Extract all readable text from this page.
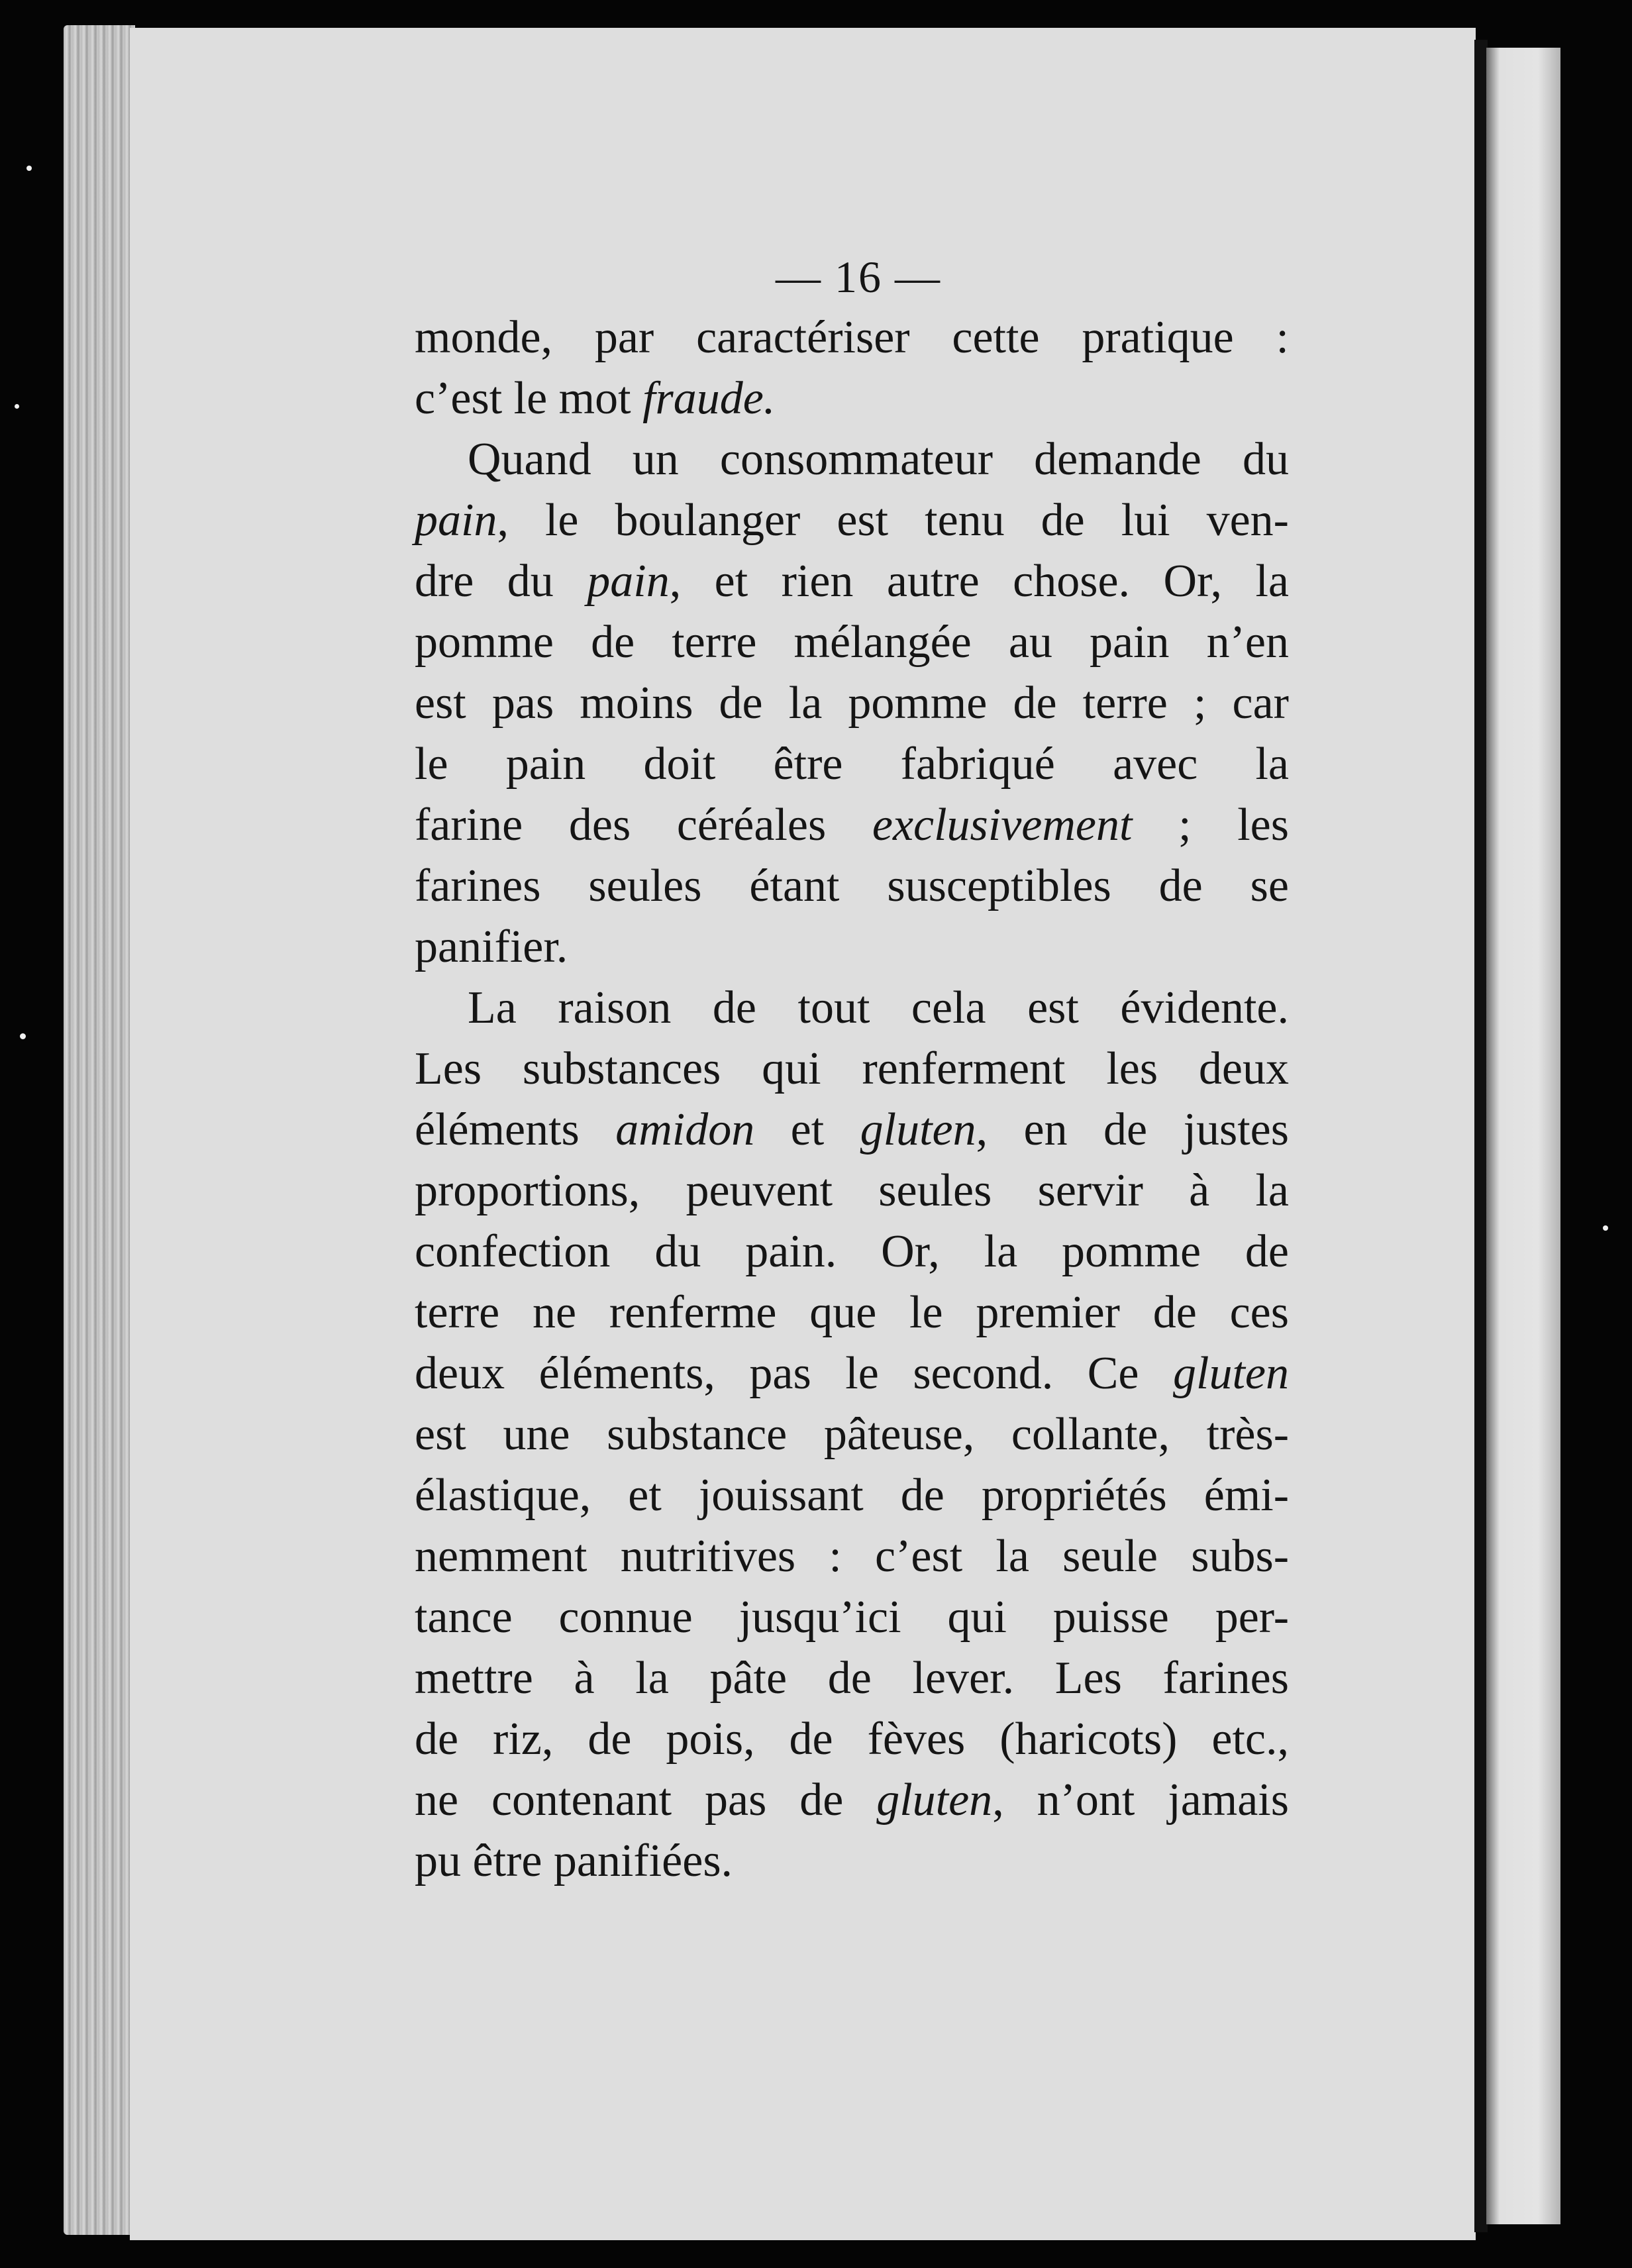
— 16 —
monde, par caractériser cette pratique :
c’est le mot fraude.
Quand un consommateur demande du
pain, le boulanger est tenu de lui ven-
dre du pain, et rien autre chose. Or, la
pomme de terre mélangée au pain n’en
est pas moins de la pomme de terre ; car
le pain doit être fabriqué avec la
farine des céréales exclusivement ; les
farines seules étant susceptibles de se
panifier.
La raison de tout cela est évidente.
Les substances qui renferment les deux
éléments amidon et gluten, en de justes
proportions, peuvent seules servir à la
confection du pain. Or, la pomme de
terre ne renferme que le premier de ces
deux éléments, pas le second. Ce gluten
est une substance pâteuse, collante, très-
élastique, et jouissant de propriétés émi-
nemment nutritives : c’est la seule subs-
tance connue jusqu’ici qui puisse per-
mettre à la pâte de lever. Les farines
de riz, de pois, de fèves (haricots) etc.,
ne contenant pas de gluten, n’ont jamais
pu être panifiées.
